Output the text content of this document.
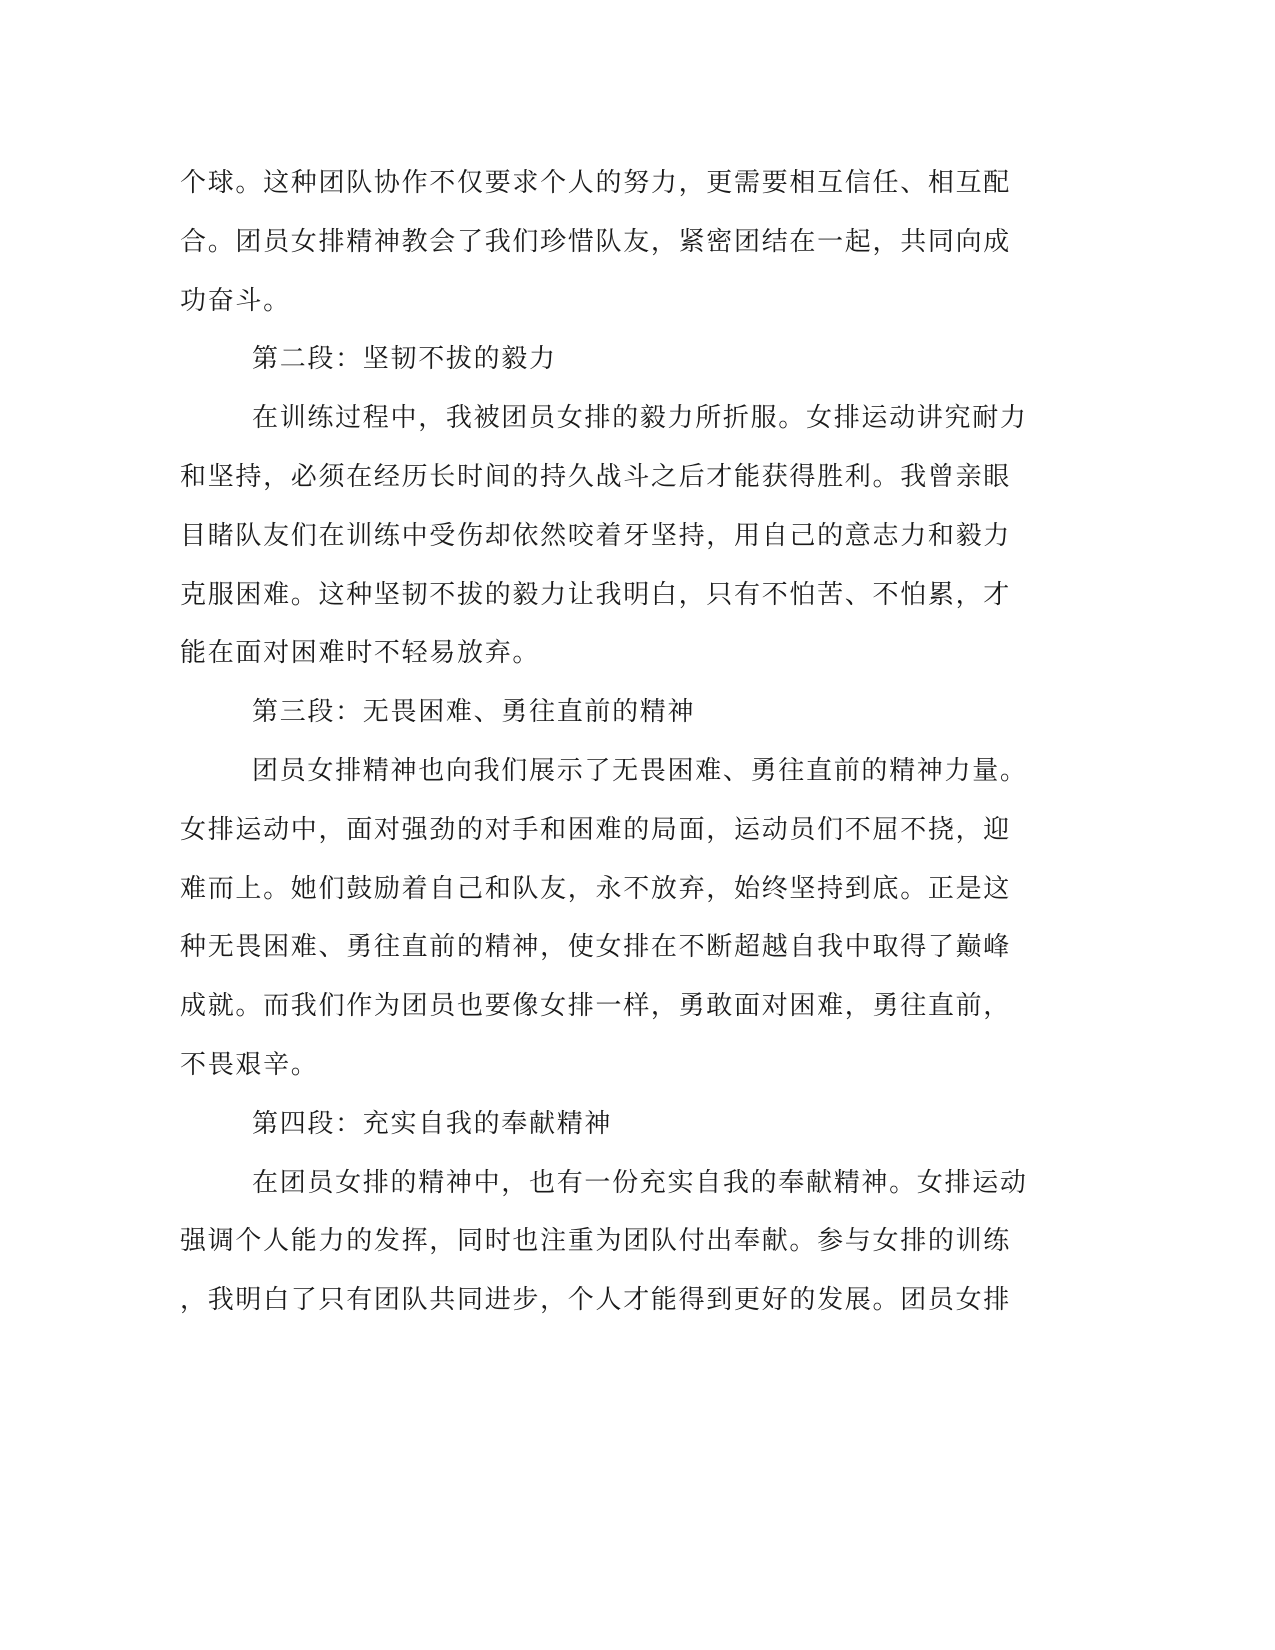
个球。这种团队协作不仅要求个人的努力，更需要相互信任、相互配
合。团员女排精神教会了我们珍惜队友，紧密团结在一起，共同向成
功奋斗。
第二段：坚韧不拔的毅力
在训练过程中，我被团员女排的毅力所折服。女排运动讲究耐力
和坚持，必须在经历长时间的持久战斗之后才能获得胜利。我曾亲眼
目睹队友们在训练中受伤却依然咬着牙坚持，用自己的意志力和毅力
克服困难。这种坚韧不拔的毅力让我明白，只有不怕苦、不怕累，才
能在面对困难时不轻易放弃。
第三段：无畏困难、勇往直前的精神
团员女排精神也向我们展示了无畏困难、勇往直前的精神力量。
女排运动中，面对强劲的对手和困难的局面，运动员们不屈不挠，迎
难而上。她们鼓励着自己和队友，永不放弃，始终坚持到底。正是这
种无畏困难、勇往直前的精神，使女排在不断超越自我中取得了巅峰
成就。而我们作为团员也要像女排一样，勇敢面对困难，勇往直前，
不畏艰辛。
第四段：充实自我的奉献精神
在团员女排的精神中，也有一份充实自我的奉献精神。女排运动
强调个人能力的发挥，同时也注重为团队付出奉献。参与女排的训练
，我明白了只有团队共同进步，个人才能得到更好的发展。团员女排
